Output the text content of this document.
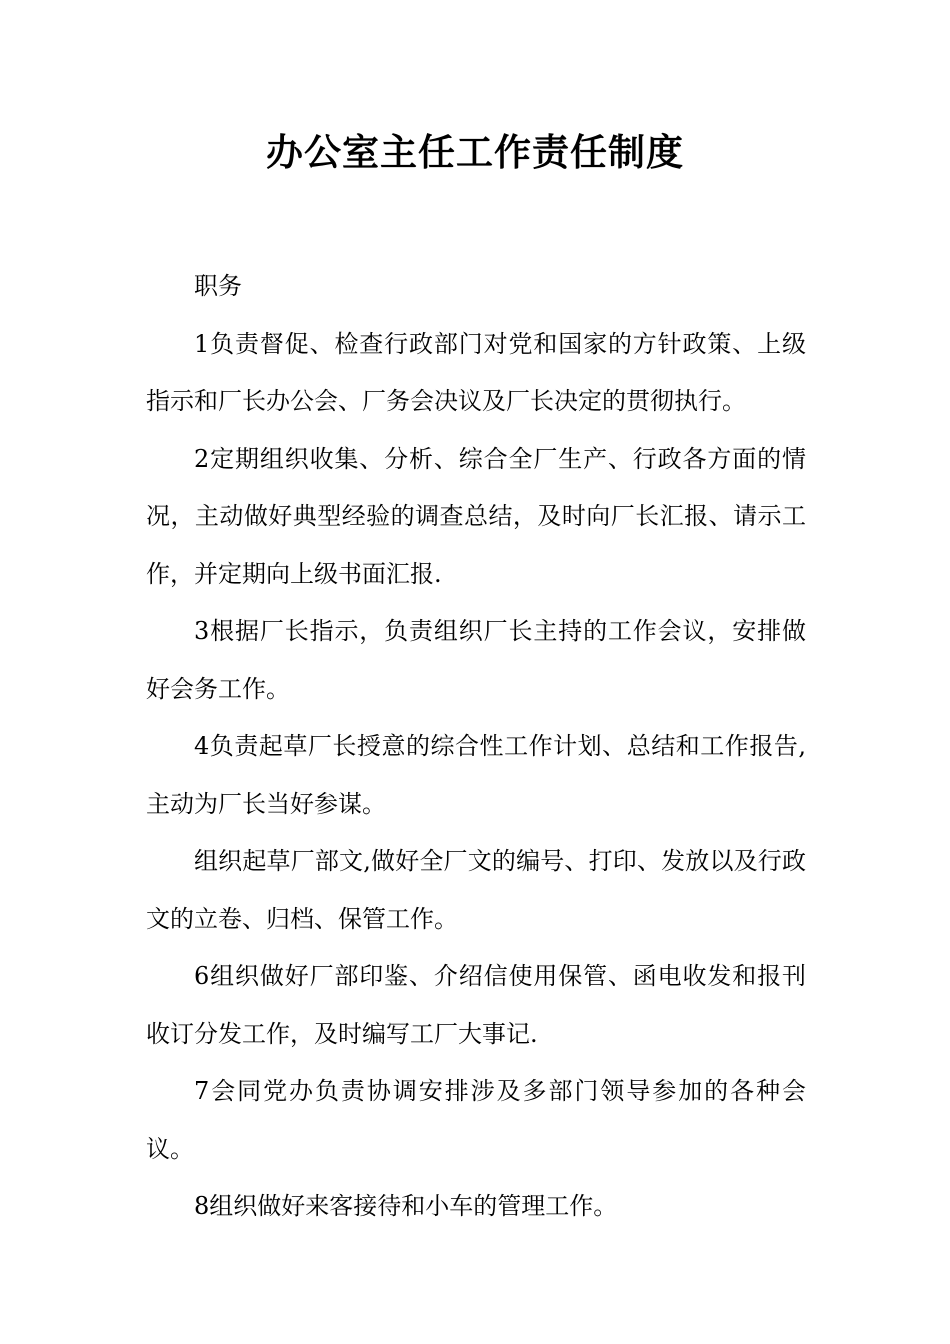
办公室主任工作责任制度

职务

1负责督促、检查行政部门对党和国家的方针政策、上级指示和厂长办公会、厂务会决议及厂长决定的贯彻执行。

2定期组织收集、分析、综合全厂生产、行政各方面的情况，主动做好典型经验的调查总结，及时向厂长汇报、请示工作，并定期向上级书面汇报.

3根据厂长指示，负责组织厂长主持的工作会议，安排做好会务工作。

4负责起草厂长授意的综合性工作计划、总结和工作报告,主动为厂长当好参谋。

组织起草厂部文,做好全厂文的编号、打印、发放以及行政文的立卷、归档、保管工作。

6组织做好厂部印鉴、介绍信使用保管、函电收发和报刊收订分发工作，及时编写工厂大事记.

7会同党办负责协调安排涉及多部门领导参加的各种会议。

8组织做好来客接待和小车的管理工作。
